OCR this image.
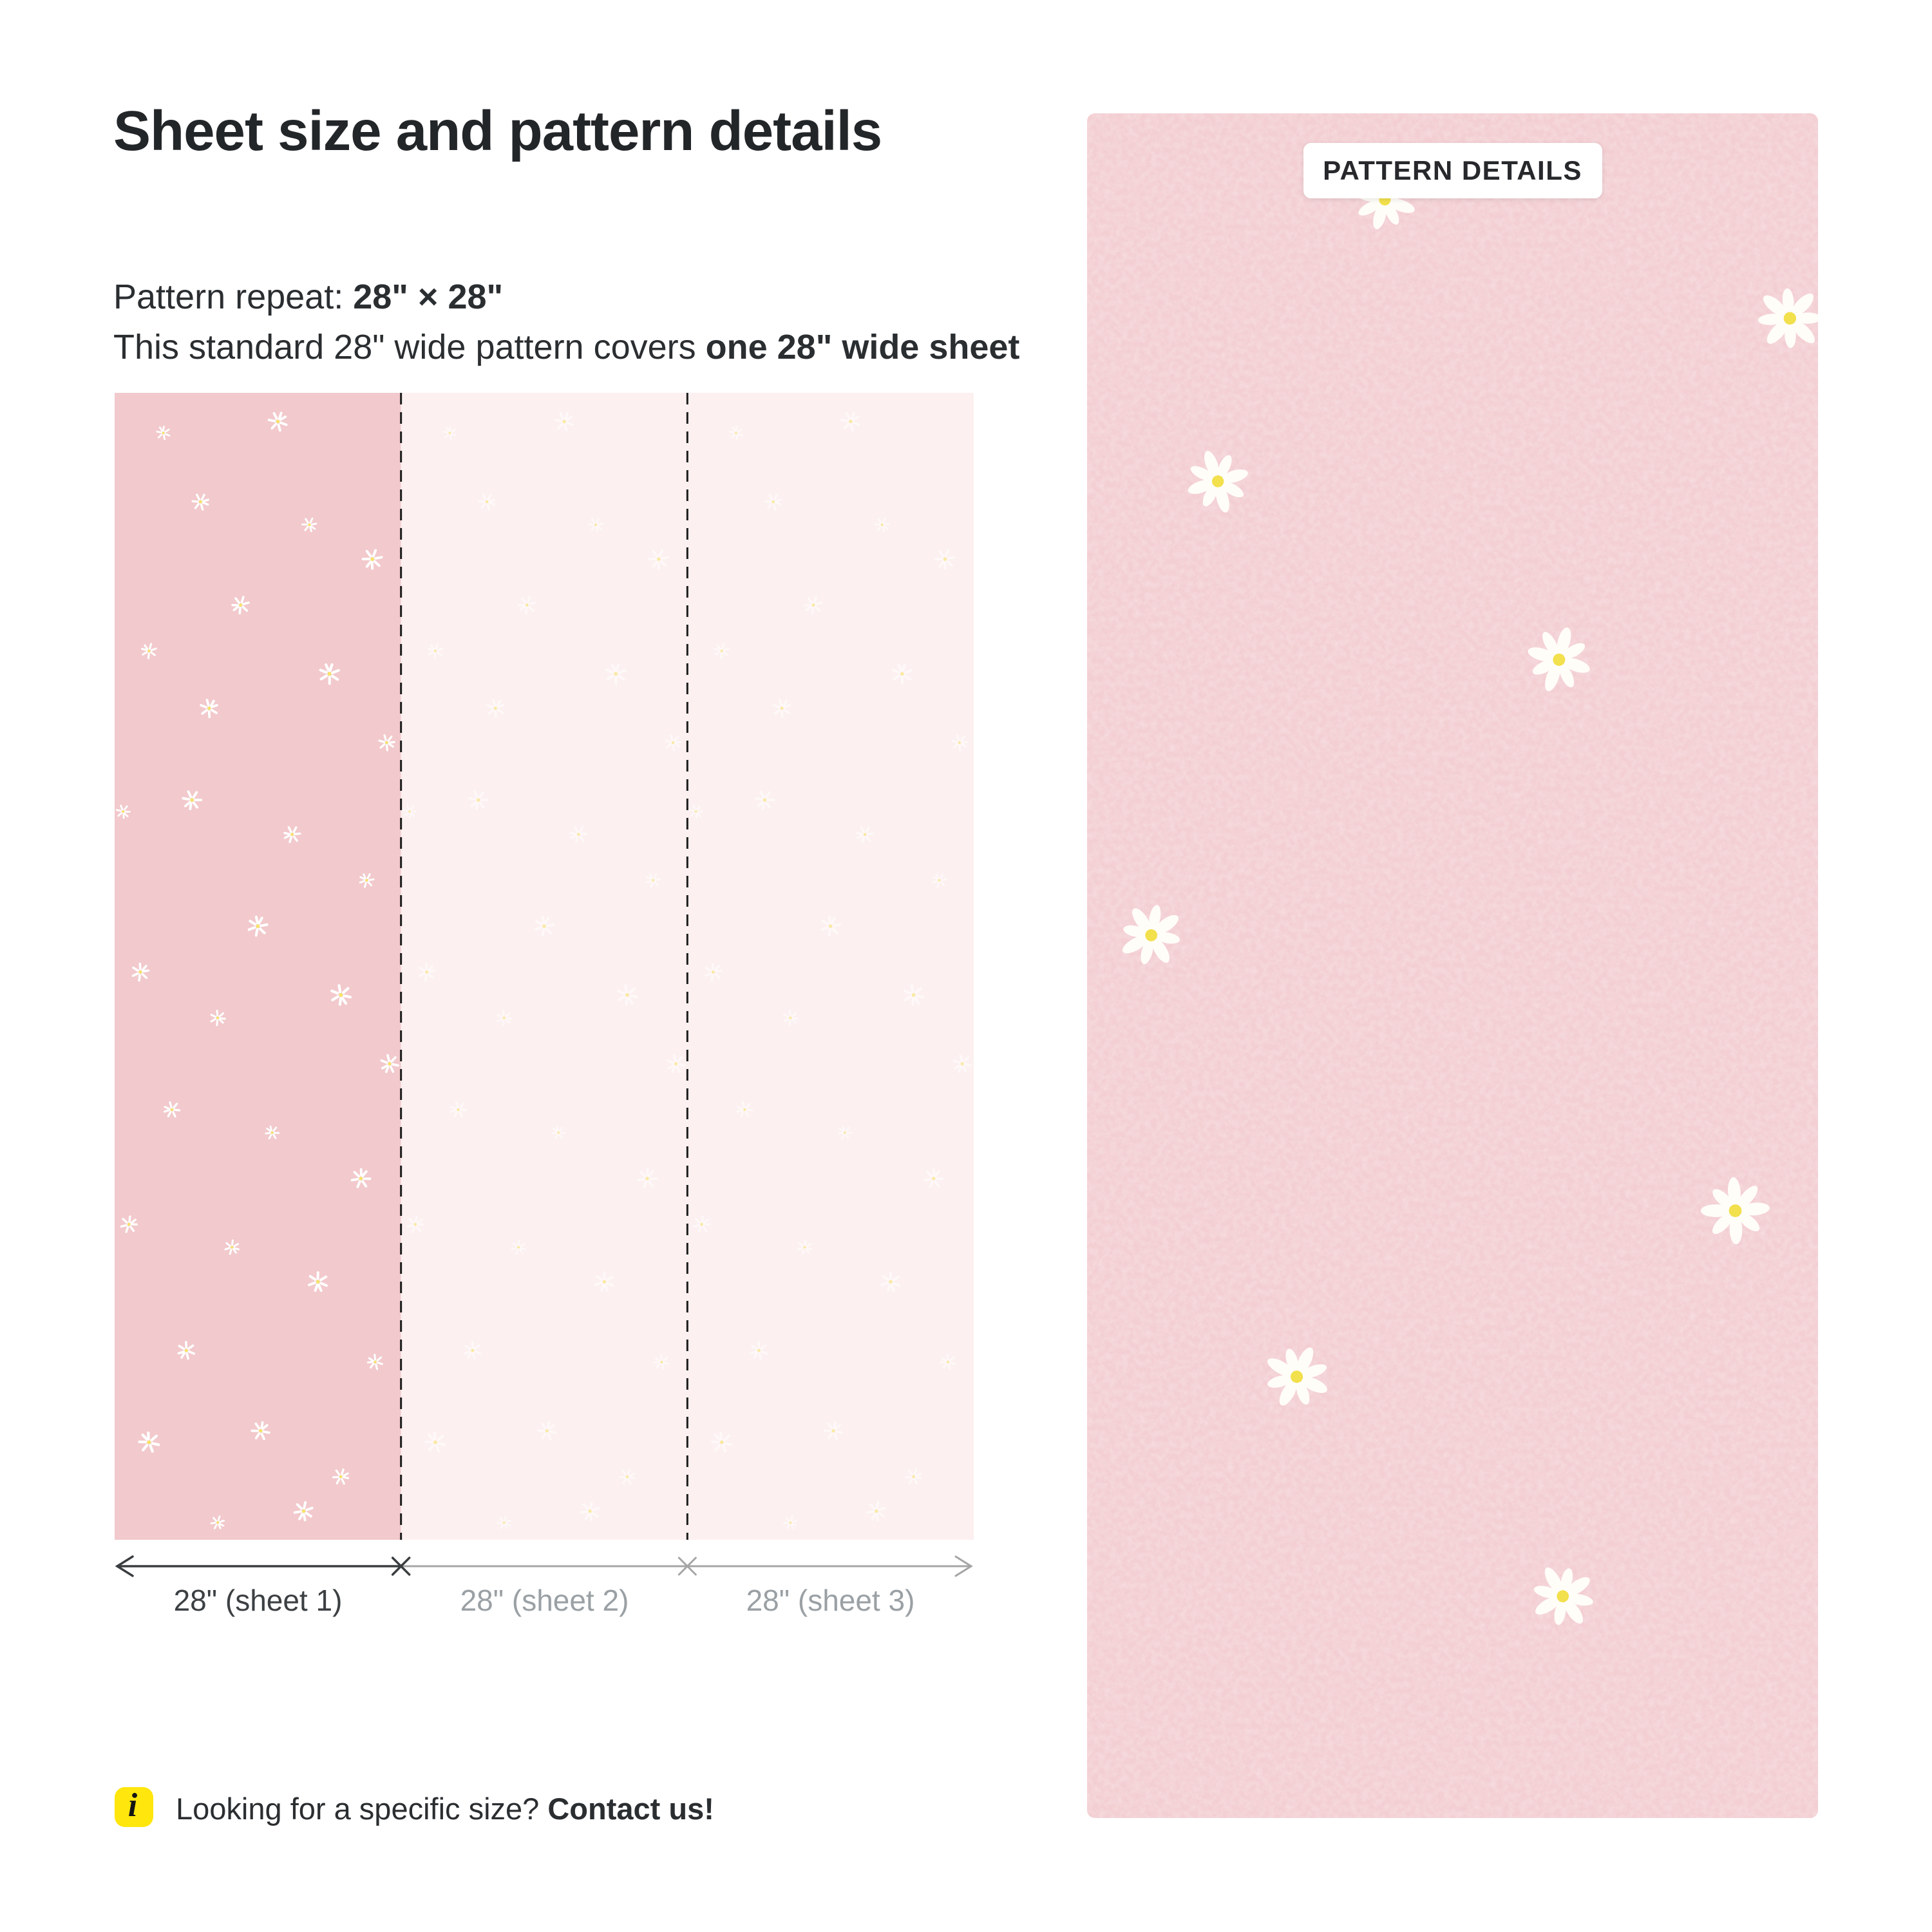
Sheet size and pattern details
Pattern repeat: 28" × 28"
This standard 28" wide pattern covers one 28" wide sheet
28" (sheet 1)	28" (sheet 2)	28" (sheet 3)
i Looking for a specific size? Contact us!
PATTERN DETAILS
